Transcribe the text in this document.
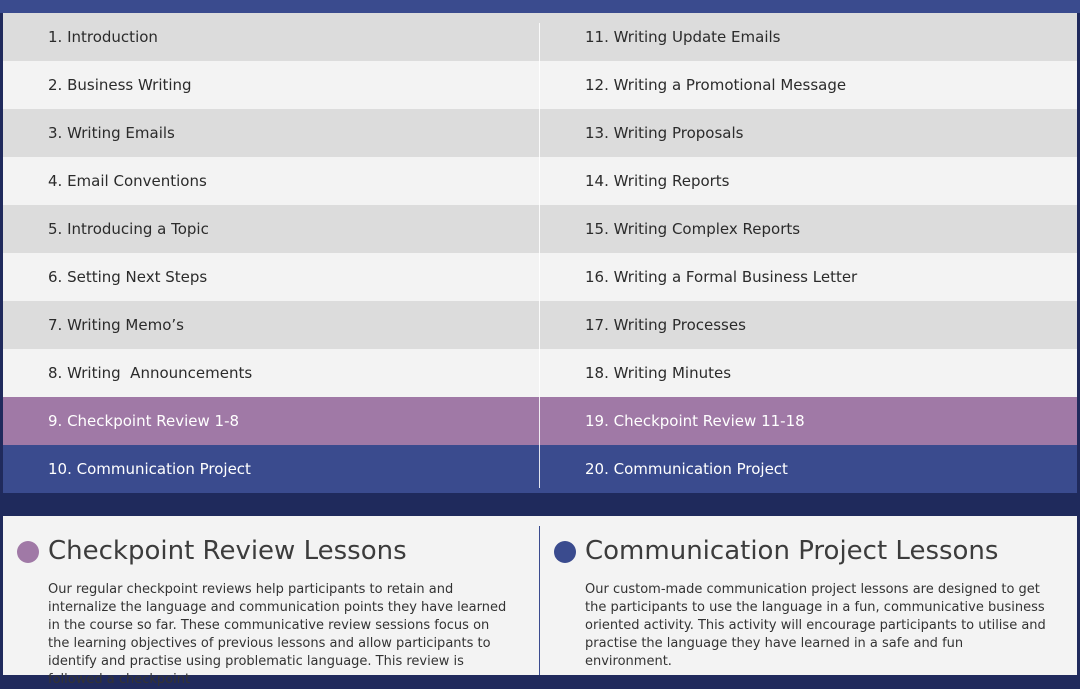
1. Introduction
2. Business Writing
3. Writing Emails
4. Email Conventions
5. Introducing a Topic
6. Setting Next Steps
7. Writing Memo’s
8. Writing  Announcements
9. Checkpoint Review 1-8
10. Communication Project
11. Writing Update Emails
12. Writing a Promotional Message
13. Writing Proposals
14. Writing Reports
15. Writing Complex Reports
16. Writing a Formal Business Letter
17. Writing Processes
18. Writing Minutes
19. Checkpoint Review 11-18
20. Communication Project
Checkpoint Review Lessons

Our regular checkpoint reviews help participants to retain and internalize the language and communication points they have learned in the course so far. These communicative review sessions focus on the learning objectives of previous lessons and allow participants to identify and practise using problematic language. This review is followed a checkpoint

Communication Project Lessons

Our custom-made communication project lessons are designed to get the participants to use the language in a fun, communicative business oriented activity. This activity will encourage participants to utilise and practise the language they have learned in a safe and fun environment.
